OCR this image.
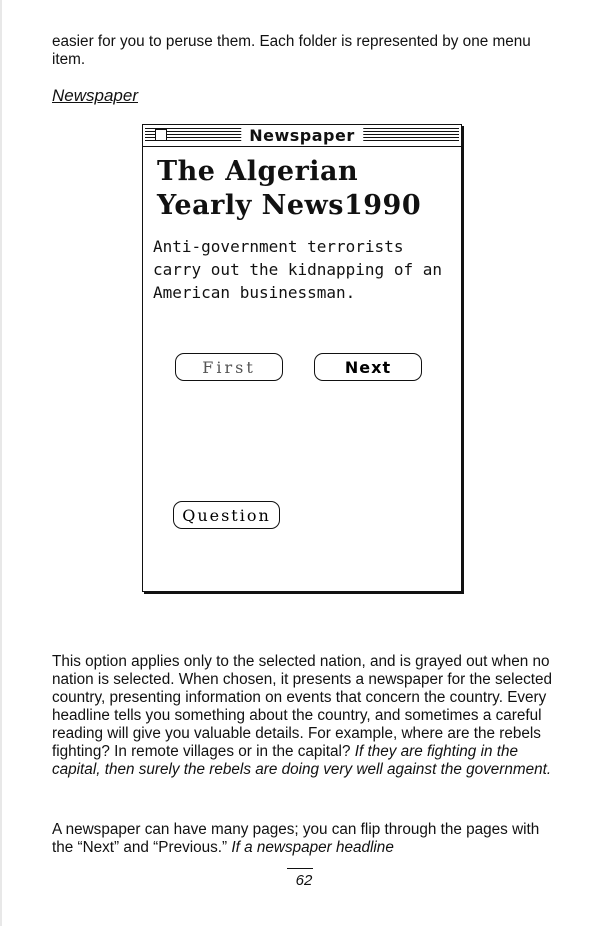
easier for you to peruse them. Each folder is represented by one menu item.

Newspaper
Newspaper
The Algerian
Yearly News1990

Anti-government terrorists carry out the kidnapping of an American businessman.

First	Next
Question

This option applies only to the selected nation, and is grayed out when no nation is selected. When chosen, it presents a newspaper for the selected country, presenting information on events that concern the country. Every headline tells you something about the country, and sometimes a careful reading will give you valuable details. For example, where are the rebels fighting? In remote villages or in the capital? If they are fighting in the capital, then surely the rebels are doing very well against the government.

A newspaper can have many pages; you can flip through the pages with the “Next” and “Previous.” If a newspaper headline

62
